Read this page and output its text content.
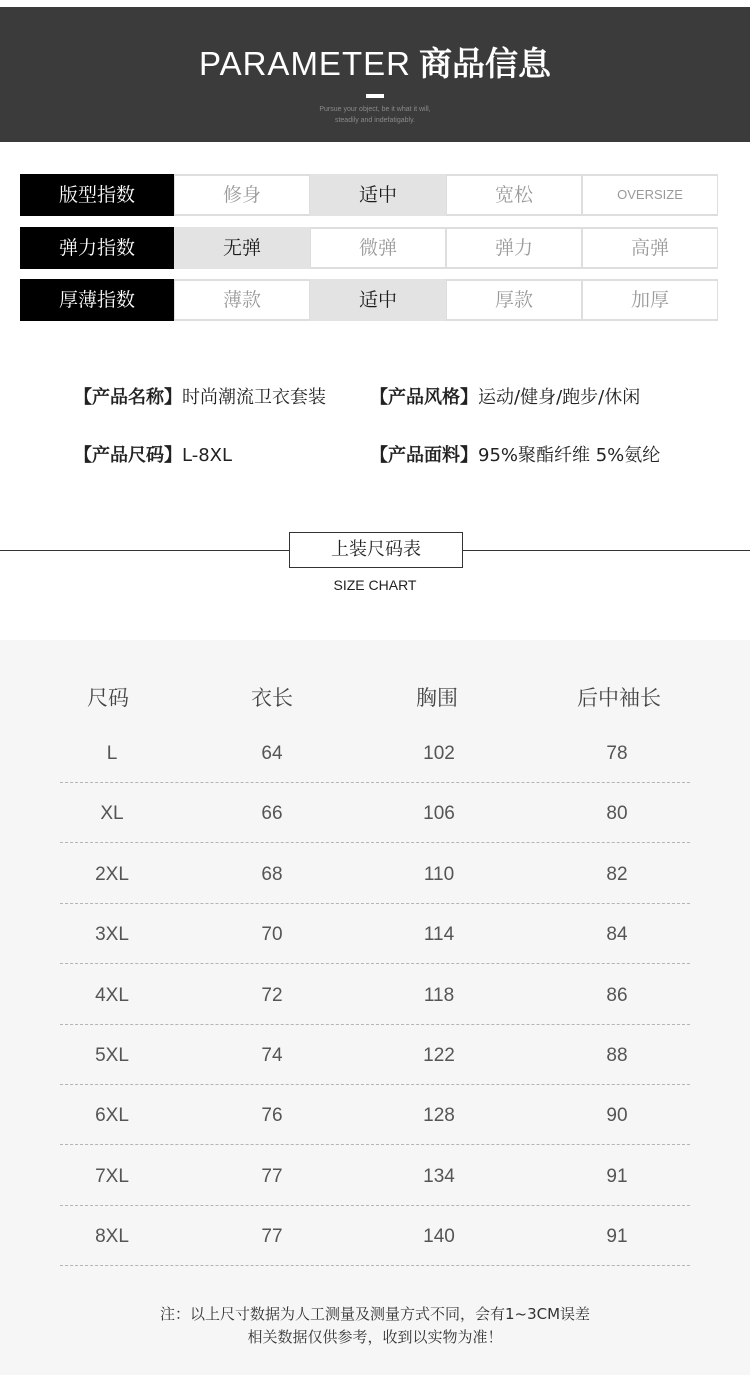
PARAMETER 商品信息
Pursue your object, be it what it will,
steadily and indefatigably.
版型指数	修身	适中	宽松	OVERSIZE
弹力指数	无弹	微弹	弹力	高弹
厚薄指数	薄款	适中	厚款	加厚
【产品名称】时尚潮流卫衣套装 【产品风格】运动/健身/跑步/休闲
【产品尺码】L-8XL	【产品面料】95%聚酯纤维 5%氨纶
上装尺码表
SIZE CHART
尺码	衣长	胸围	后中袖长
L	64	102	78
XL	66	106	80
2XL	68	110	82
3XL	70	114	84
4XL	72	118	86
5XL	74	122	88
6XL	76	128	90
7XL	77	134	91
8XL	77	140	91
注：以上尺寸数据为人工测量及测量方式不同，会有1~3CM误差
相关数据仅供参考，收到以实物为准！
